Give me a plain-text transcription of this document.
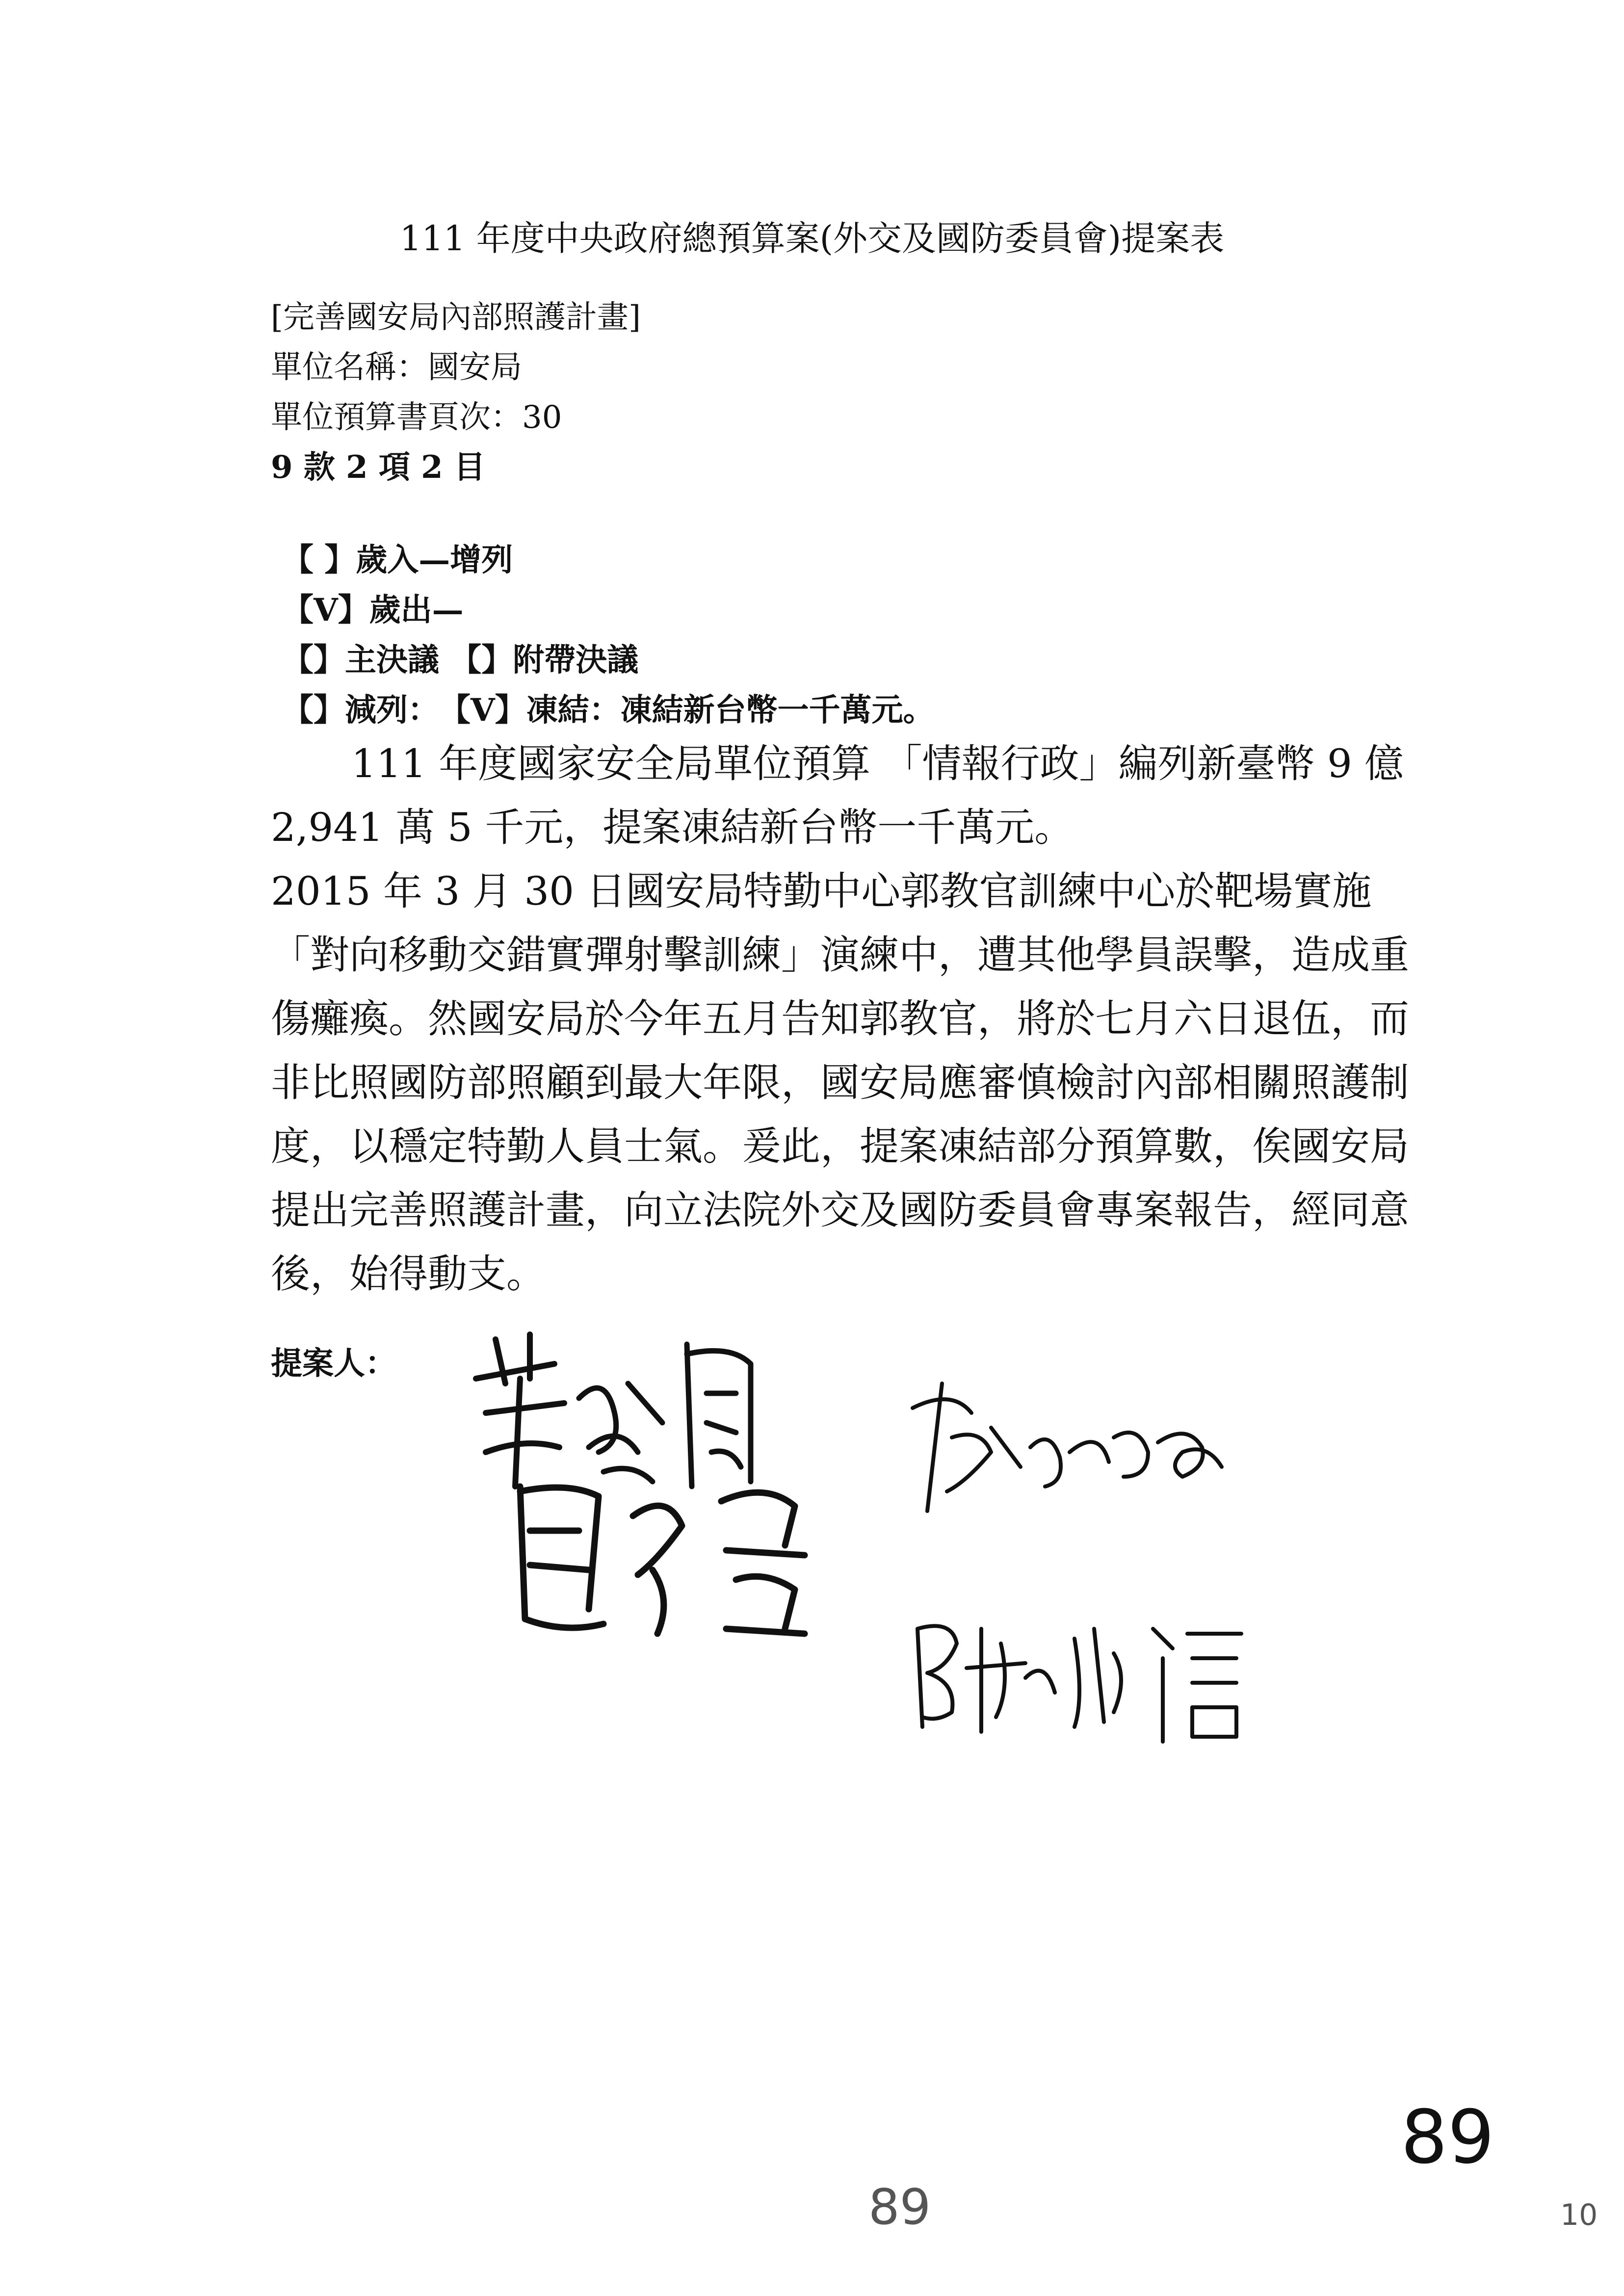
111 年度中央政府總預算案(外交及國防委員會)提案表
[完善國安局內部照護計畫]
單位名稱：國安局
單位預算書頁次：30
9 款 2 項 2 目
【 】歲入—增列
【V】歲出—
【】主決議 【】附帶決議
【】減列：　【V】凍結：凍結新台幣一千萬元。

111 年度國家安全局單位預算 「情報行政」編列新臺幣 9 億 2,941 萬 5 千元，提案凍結新台幣一千萬元。

2015 年 3 月 30 日國安局特勤中心郭教官訓練中心於靶場實施「對向移動交錯實彈射擊訓練」演練中，遭其他學員誤擊，造成重傷癱瘓。然國安局於今年五月告知郭教官，將於七月六日退伍，而非比照國防部照顧到最大年限，國安局應審慎檢討內部相關照護制度，以穩定特勤人員士氣。爰此，提案凍結部分預算數，俟國安局提出完善照護計畫，向立法院外交及國防委員會專案報告，經同意後，始得動支。

提案人：
89
89	10
